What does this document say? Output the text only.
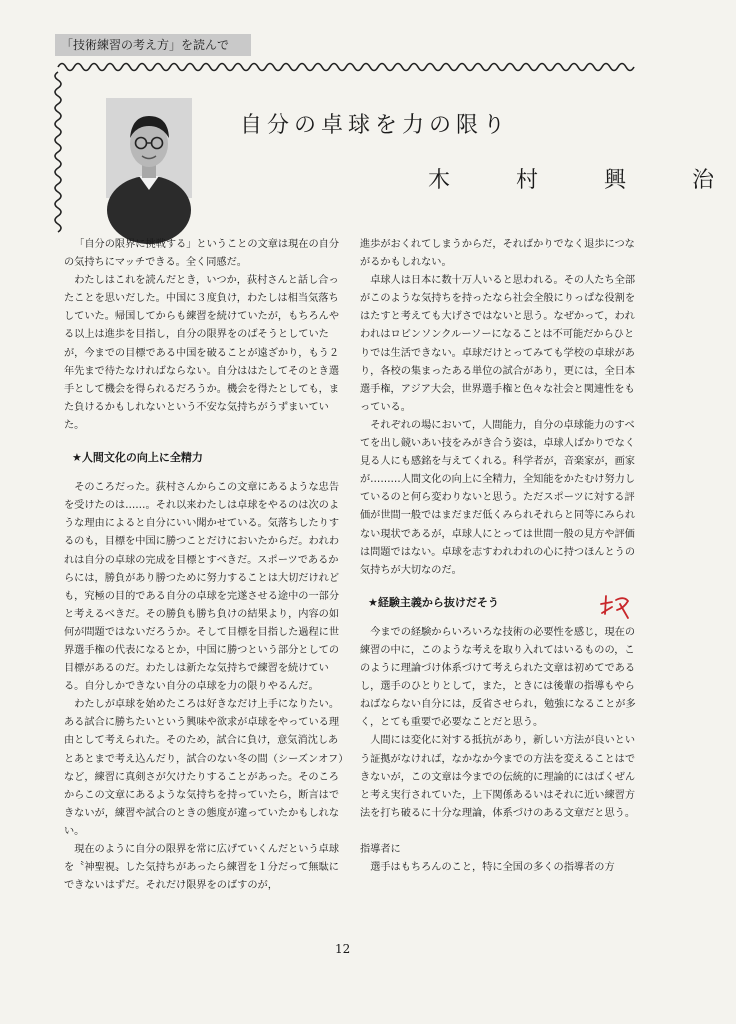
「技術練習の考え方」を読んで
自分の卓球を力の限り
木　村　興　治

「自分の限界に挑戦する」ということの文章は現在の自分の気持ちにマッチできる。全く同感だ。

わたしはこれを読んだとき，いつか，荻村さんと話し合ったことを思いだした。中国に３度負け，わたしは相当気落ちしていた。帰国してからも練習を続けていたが，もちろんやる以上は進歩を目指し，自分の限界をのばそうとしていたが，今までの目標である中国を破ることが遠ざかり，もう２年先まで待たなければならない。自分ははたしてそのとき選手として機会を得られるだろうか。機会を得たとしても，また負けるかもしれないという不安な気持ちがうずまいていた。

★人間文化の向上に全精力

そのころだった。荻村さんからこの文章にあるような忠告を受けたのは……。それ以来わたしは卓球をやるのは次のような理由によると自分にいい聞かせている。気落ちしたりするのも，目標を中国に勝つことだけにおいたからだ。われわれは自分の卓球の完成を目標とすべきだ。スポーツであるからには，勝負があり勝つために努力することは大切だけれども，究極の目的である自分の卓球を完遂させる途中の一部分と考えるべきだ。その勝負も勝ち負けの結果より，内容の如何が問題ではないだろうか。そして目標を目指した過程に世界選手権の代表になるとか，中国に勝つという部分としての目標があるのだ。わたしは新たな気持ちで練習を続けている。自分しかできない自分の卓球を力の限りやるんだ。

わたしが卓球を始めたころは好きなだけ上手になりたい。ある試合に勝ちたいという興味や欲求が卓球をやっている理由として考えられた。そのため，試合に負け，意気消沈しあとあとまで考え込んだり，試合のない冬の間（シーズンオフ）など，練習に真剣さが欠けたりすることがあった。そのころからこの文章にあるような気持ちを持っていたら，断言はできないが，練習や試合のときの態度が違っていたかもしれない。

現在のように自分の限界を常に広げていくんだという卓球を〝神聖視〟した気持ちがあったら練習を１分だって無駄にできないはずだ。それだけ限界をのばすのが，

進歩がおくれてしまうからだ，そればかりでなく退歩につながるかもしれない。

卓球人は日本に数十万人いると思われる。その人たち全部がこのような気持ちを持ったなら社会全般にりっぱな役割をはたすと考えても大げさではないと思う。なぜかって，われわれはロビンソンクルーソーになることは不可能だからひとりでは生活できない。卓球だけとってみても学校の卓球があり，各校の集まったある単位の試合があり，更には，全日本選手権，アジア大会，世界選手権と色々な社会と関連性をもっている。

それぞれの場において，人間能力，自分の卓球能力のすべてを出し競いあい技をみがき合う姿は，卓球人ばかりでなく見る人にも感銘を与えてくれる。科学者が，音楽家が，画家が………人間文化の向上に全精力，全知能をかたむけ努力しているのと何ら変わりないと思う。ただスポーツに対する評価が世間一般ではまだまだ低くみられそれらと同等にみられない現状であるが，卓球人にとっては世間一般の見方や評価は問題ではない。卓球を志すわれわれの心に持つほんとうの気持ちが大切なのだ。

★経験主義から抜けだそう

今までの経験からいろいろな技術の必要性を感じ，現在の練習の中に，このような考えを取り入れてはいるものの，このように理論づけ体系づけて考えられた文章は初めてであるし，選手のひとりとして，また，ときには後輩の指導もやらねばならない自分には，反省させられ，勉強になることが多く，とても重要で必要なことだと思う。

人間には変化に対する抵抗があり，新しい方法が良いという証拠がなければ，なかなか今までの方法を変えることはできないが，この文章は今までの伝統的に理論的にはばくぜんと考え実行されていた，上下関係あるいはそれに近い練習方法を打ち破るに十分な理論，体系づけのある文章だと思う。

指導者に

選手はもちろんのこと，特に全国の多くの指導者の方

12
